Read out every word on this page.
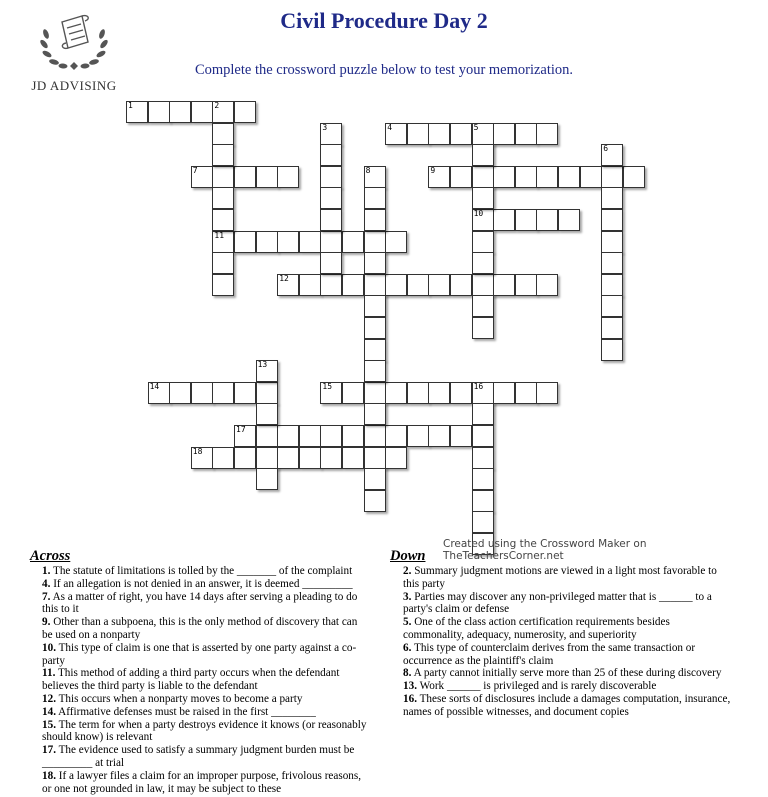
JD ADVISING
Civil Procedure Day 2
Complete the crossword puzzle below to test your memorization.
1	2
4	5
7	9
10
11
12
14	15	16
17
18
3
6
8
13
Created using the Crossword Maker on TheTeachersCorner.net
Across
1. The statute of limitations is tolled by the _______ of the complaint
4. If an allegation is not denied in an answer, it is deemed _________
7. As a matter of right, you have 14 days after serving a pleading to do this to it
9. Other than a subpoena, this is the only method of discovery that can be used on a nonparty
10. This type of claim is one that is asserted by one party against a co-party
11. This method of adding a third party occurs when the defendant believes the third party is liable to the defendant
12. This occurs when a nonparty moves to become a party
14. Affirmative defenses must be raised in the first ________
15. The term for when a party destroys evidence it knows (or reasonably should know) is relevant
17. The evidence used to satisfy a summary judgment burden must be _________ at trial
18. If a lawyer files a claim for an improper purpose, frivolous reasons, or one not grounded in law, it may be subject to these
Down
2. Summary judgment motions are viewed in a light most favorable to this party
3. Parties may discover any non-privileged matter that is ______ to a party's claim or defense
5. One of the class action certification requirements besides commonality, adequacy, numerosity, and superiority
6. This type of counterclaim derives from the same transaction or occurrence as the plaintiff's claim
8. A party cannot initially serve more than 25 of these during discovery
13. Work ______ is privileged and is rarely discoverable
16. These sorts of disclosures include a damages computation, insurance, names of possible witnesses, and document copies
